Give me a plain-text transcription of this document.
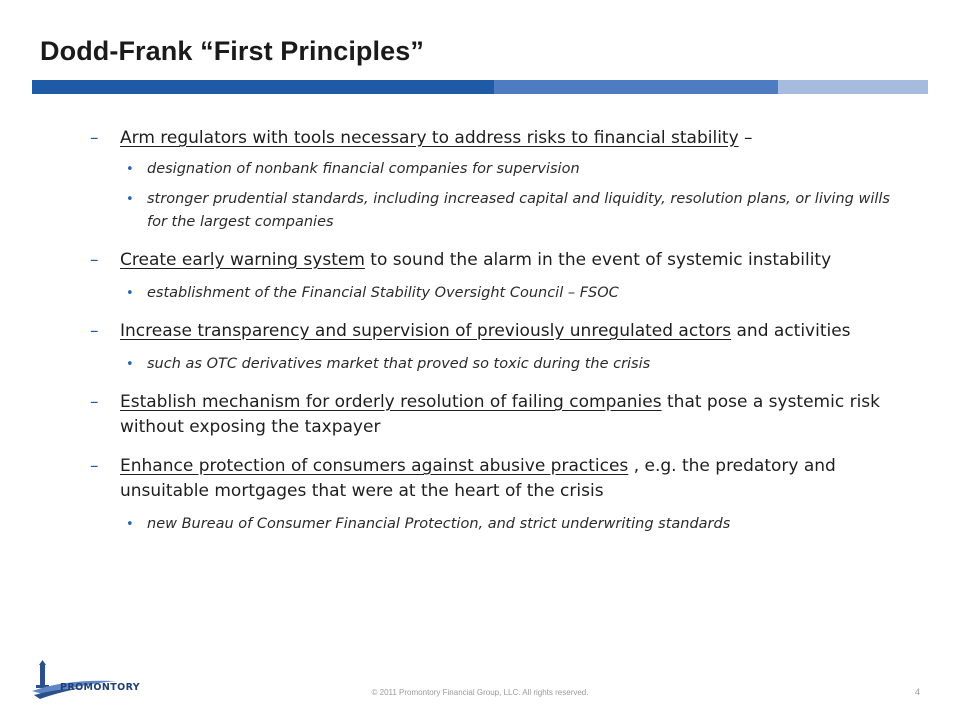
Dodd-Frank “First Principles”
–	Arm regulators with tools necessary to address risks to financial stability –
• designation of nonbank financial companies for supervision
• stronger prudential standards, including increased capital and liquidity, resolution plans, or living wills for the largest companies
–	Create early warning system to sound the alarm in the event of systemic instability
• establishment of the Financial Stability Oversight Council – FSOC
–	Increase transparency and supervision of previously unregulated actors and activities
• such as OTC derivatives market that proved so toxic during the crisis
–	Establish mechanism for orderly resolution of failing companies that pose a systemic risk without exposing the taxpayer
–	Enhance protection of consumers against abusive practices , e.g. the predatory and unsuitable mortgages that were at the heart of the crisis
• new Bureau of Consumer Financial Protection, and strict underwriting standards
PROMONTORY	© 2011 Promontory Financial Group, LLC. All rights reserved.	4
